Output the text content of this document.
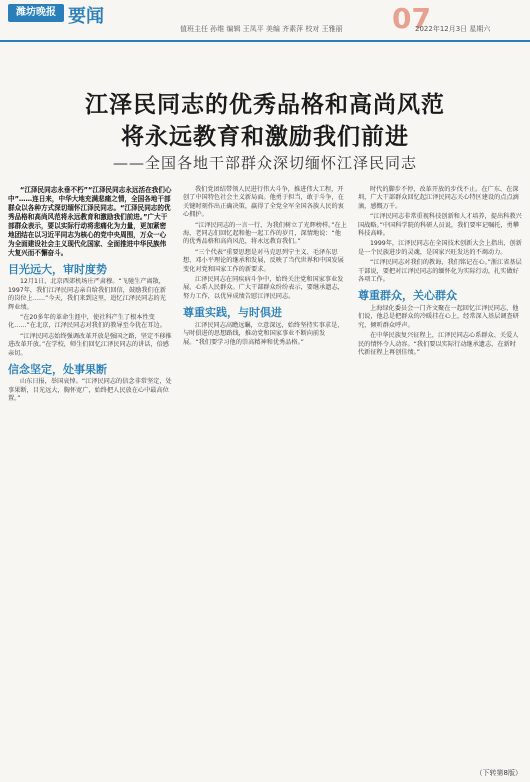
潍坊晚报 要闻
值班主任 孙维 编辑 王凤平 美编 齐素萍 校对 王雅丽 07
2022年12月3日 星期六
江泽民同志的优秀品格和高尚风范
将永远教育和激励我们前进
——全国各地干部群众深切缅怀江泽民同志

“江泽民同志永垂不朽”“江泽民同志永远活在我们心中”……连日来，中华大地充满悲痛之情，全国各地干部群众以各种方式深切缅怀江泽民同志。“江泽民同志的优秀品格和高尚风范将永远教育和激励我们前进。”广大干部群众表示，要以实际行动将悲痛化为力量，更加紧密地团结在以习近平同志为核心的党中央周围，万众一心为全面建设社会主义现代化国家、全面推进中华民族伟大复兴而不懈奋斗。

目光远大，审时度势

12月1日，北京西郊机场庄严肃穆。“飞驰生产离散，1997年，我们江泽民同志亲自给我们回信，鼓励我们在新的岗位上……”今天，我们来到这里，追忆江泽民同志的光辉业绩。

“在20多年的革命生涯中，使社科产生了根本性变化……”在北京，江泽民同志对我们的教导至今犹在耳边。

“江泽民同志始终强调改革开放是强国之路，坚定不移推进改革开放。”在学校，师生们回忆江泽民同志的讲话，倍感亲切。

信念坚定，处事果断

山东日报，举国哀悼。“江泽民同志的信念非常坚定，处事果断，目光远大，胸怀宽广，始终把人民放在心中最高位置。”

我们党团结带领人民进行伟大斗争，推进伟大工程，开创了中国特色社会主义新局面。他勇于担当，敢于斗争，在关键时刻作出正确决策，赢得了全党全军全国各族人民的衷心拥护。

“江泽民同志的一言一行，为我们树立了光辉榜样。”在上海，老同志们回忆起和他一起工作的岁月，深情地说：“他的优秀品格和高尚风范，将永远教育我们。”

“三个代表”重要思想是对马克思列宁主义、毛泽东思想、邓小平理论的继承和发展，反映了当代世界和中国发展变化对党和国家工作的新要求。

江泽民同志在同疾病斗争中，始终关注党和国家事业发展，心系人民群众。广大干部群众纷纷表示，要继承遗志，努力工作，以优异成绩告慰江泽民同志。

尊重实践，与时俱进

江泽民同志高瞻远瞩，立意深远，始终坚持实事求是、与时俱进的思想路线，推动党和国家事业不断向前发展。“我们要学习他的崇高精神和优秀品格。”

时代的脚步不停，改革开放的步伐不止。在广东、在深圳，广大干部群众回忆起江泽民同志关心特区建设的点点滴滴，感慨万千。

“江泽民同志非常重视科技创新和人才培养，提出科教兴国战略。”中国科学院的科研人员说，我们要牢记嘱托，勇攀科技高峰。

1999年，江泽民同志在全国技术创新大会上指出，创新是一个民族进步的灵魂，是国家兴旺发达的不竭动力。

“江泽民同志对我们的教诲，我们铭记在心。”浙江省基层干部说，要把对江泽民同志的缅怀化为实际行动，扎实做好各项工作。

尊重群众，关心群众

上海绿化委员会一门齐文聚在一起回忆江泽民同志，他们说，他总是把群众的冷暖挂在心上，经常深入基层调查研究，倾听群众呼声。

在中华民族复兴征程上，江泽民同志心系群众、关爱人民的情怀令人动容。“我们要以实际行动继承遗志，在新时代新征程上再创佳绩。”

（下转第8版）
